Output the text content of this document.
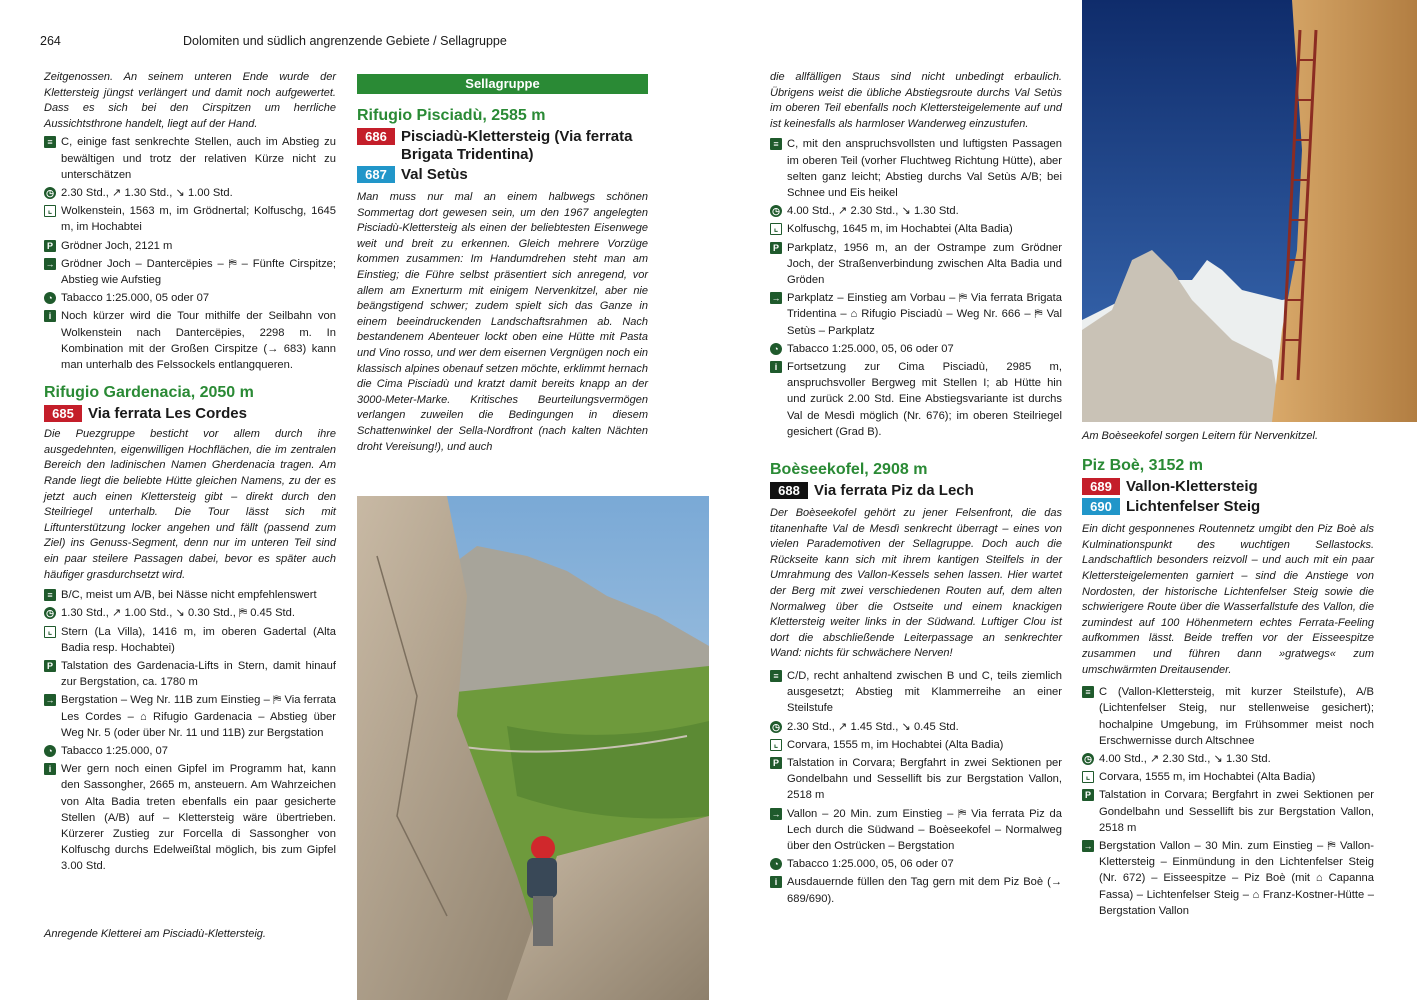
264	Dolomiten und südlich angrenzende Gebiete / Sellagruppe

Zeitgenossen. An seinem unteren Ende wurde der Klettersteig jüngst verlängert und damit noch aufgewertet. Dass es sich bei den Cirspitzen um herrliche Aussichtsthrone handelt, liegt auf der Hand.

≡ C, einige fast senkrechte Stellen, auch im Abstieg zu bewältigen und trotz der relativen Kürze nicht zu unterschätzen
◷ 2.30 Std., ↗ 1.30 Std., ↘ 1.00 Std.
⌞ Wolkenstein, 1563 m, im Grödnertal; Kolfuschg, 1645 m, im Hochabtei
P Grödner Joch, 2121 m
→ Grödner Joch – Dantercëpies – ⛿ – Fünfte Cirspitze; Abstieg wie Aufstieg
◔ Tabacco 1:25.000, 05 oder 07
i Noch kürzer wird die Tour mithilfe der Seilbahn von Wolkenstein nach Dantercëpies, 2298 m. In Kombination mit der Großen Cirspitze (→ 683) kann man unterhalb des Felssockels entlangqueren.
Rifugio Gardenacia, 2050 m
685 Via ferrata Les Cordes

Die Puezgruppe besticht vor allem durch ihre ausgedehnten, eigenwilligen Hochflächen, die im zentralen Bereich den ladinischen Namen Gherdenacia tragen. Am Rande liegt die beliebte Hütte gleichen Namens, zu der es jetzt auch einen Klettersteig gibt – direkt durch den Steilriegel unterhalb. Die Tour lässt sich mit Liftunterstützung locker angehen und fällt (passend zum Ziel) ins Genuss-Segment, denn nur im unteren Teil sind ein paar steilere Passagen dabei, bevor es später auch häufiger grasdurchsetzt wird.

≡ B/C, meist um A/B, bei Nässe nicht empfehlenswert
◷ 1.30 Std., ↗ 1.00 Std., ↘ 0.30 Std., ⛿ 0.45 Std.
⌞ Stern (La Villa), 1416 m, im oberen Gadertal (Alta Badia resp. Hochabtei)
P Talstation des Gardenacia-Lifts in Stern, damit hinauf zur Bergstation, ca. 1780 m
→ Bergstation – Weg Nr. 11B zum Einstieg – ⛿ Via ferrata Les Cordes – ⌂ Rifugio Gardenacia – Abstieg über Weg Nr. 5 (oder über Nr. 11 und 11B) zur Bergstation
◔ Tabacco 1:25.000, 07
i Wer gern noch einen Gipfel im Programm hat, kann den Sassongher, 2665 m, ansteuern. Am Wahrzeichen von Alta Badia treten ebenfalls ein paar gesicherte Stellen (A/B) auf – Klettersteig wäre übertrieben. Kürzerer Zustieg zur Forcella di Sassongher von Kolfuschg durchs Edelweißtal möglich, bis zum Gipfel 3.00 Std.
Anregende Kletterei am Pisciadù-Klettersteig.
Sellagruppe
Rifugio Pisciadù, 2585 m
686 Pisciadù-Klettersteig (Via ferrata Brigata Tridentina)
687 Val Setùs

Man muss nur mal an einem halbwegs schönen Sommertag dort gewesen sein, um den 1967 angelegten Pisciadù-Klettersteig als einen der beliebtesten Eisenwege weit und breit zu erkennen. Gleich mehrere Vorzüge kommen zusammen: Im Handumdrehen steht man am Einstieg; die Führe selbst präsentiert sich anregend, vor allem am Exnerturm mit einigem Nervenkitzel, aber nie beängstigend schwer; zudem spielt sich das Ganze in einem beeindruckenden Landschaftsrahmen ab. Nach bestandenem Abenteuer lockt oben eine Hütte mit Pasta und Vino rosso, und wer dem eisernen Vergnügen noch ein klassisch alpines obenauf setzen möchte, erklimmt hernach die Cima Pisciadù und kratzt damit bereits knapp an der 3000-Meter-Marke. Kritisches Beurteilungsvermögen verlangen zuweilen die Bedingungen in diesem Schattenwinkel der Sella-Nordfront (nach kalten Nächten droht Vereisung!), und auch

die allfälligen Staus sind nicht unbedingt erbaulich. Übrigens weist die übliche Abstiegsroute durchs Val Setùs im oberen Teil ebenfalls noch Klettersteigelemente auf und ist keinesfalls als harmloser Wanderweg einzustufen.

≡ C, mit den anspruchsvollsten und luftigsten Passagen im oberen Teil (vorher Fluchtweg Richtung Hütte), aber selten ganz leicht; Abstieg durchs Val Setùs A/B; bei Schnee und Eis heikel
◷ 4.00 Std., ↗ 2.30 Std., ↘ 1.30 Std.
⌞ Kolfuschg, 1645 m, im Hochabtei (Alta Badia)
P Parkplatz, 1956 m, an der Ostrampe zum Grödner Joch, der Straßenverbindung zwischen Alta Badia und Gröden
→ Parkplatz – Einstieg am Vorbau – ⛿ Via ferrata Brigata Tridentina – ⌂ Rifugio Pisciadù – Weg Nr. 666 – ⛿ Val Setùs – Parkplatz
◔ Tabacco 1:25.000, 05, 06 oder 07
i Fortsetzung zur Cima Pisciadù, 2985 m, anspruchsvoller Bergweg mit Stellen I; ab Hütte hin und zurück 2.00 Std. Eine Abstiegsvariante ist durchs Val de Mesdì möglich (Nr. 676); im oberen Steilriegel gesichert (Grad B).
Boèseekofel, 2908 m
688 Via ferrata Piz da Lech

Der Boèseekofel gehört zu jener Felsenfront, die das titanenhafte Val de Mesdì senkrecht überragt – eines von vielen Parademotiven der Sellagruppe. Doch auch die Rückseite kann sich mit ihrem kantigen Steilfels in der Umrahmung des Vallon-Kessels sehen lassen. Hier wartet der Berg mit zwei verschiedenen Routen auf, dem alten Normalweg über die Ostseite und einem knackigen Klettersteig weiter links in der Südwand. Luftiger Clou ist dort die abschließende Leiterpassage an senkrechter Wand: nichts für schwächere Nerven!

≡ C/D, recht anhaltend zwischen B und C, teils ziemlich ausgesetzt; Abstieg mit Klammerreihe an einer Steilstufe
◷ 2.30 Std., ↗ 1.45 Std., ↘ 0.45 Std.
⌞ Corvara, 1555 m, im Hochabtei (Alta Badia)
P Talstation in Corvara; Bergfahrt in zwei Sektionen per Gondelbahn und Sessellift bis zur Bergstation Vallon, 2518 m
→ Vallon – 20 Min. zum Einstieg – ⛿ Via ferrata Piz da Lech durch die Südwand – Boèseekofel – Normalweg über den Ostrücken – Bergstation
◔ Tabacco 1:25.000, 05, 06 oder 07
i Ausdauernde füllen den Tag gern mit dem Piz Boè (→ 689/690).
Am Boèseekofel sorgen Leitern für Nervenkitzel.
Piz Boè, 3152 m
689 Vallon-Klettersteig
690 Lichtenfelser Steig

Ein dicht gesponnenes Routennetz umgibt den Piz Boè als Kulminationspunkt des wuchtigen Sellastocks. Landschaftlich besonders reizvoll – und auch mit ein paar Klettersteigelementen garniert – sind die Anstiege von Nordosten, der historische Lichtenfelser Steig sowie die schwierigere Route über die Wasserfallstufe des Vallon, die zumindest auf 100 Höhenmetern echtes Ferrata-Feeling aufkommen lässt. Beide treffen vor der Eisseespitze zusammen und führen dann »gratwegs« zum umschwärmten Dreitausender.

≡ C (Vallon-Klettersteig, mit kurzer Steilstufe), A/B (Lichtenfelser Steig, nur stellenweise gesichert); hochalpine Umgebung, im Frühsommer meist noch Erschwernisse durch Altschnee
◷ 4.00 Std., ↗ 2.30 Std., ↘ 1.30 Std.
⌞ Corvara, 1555 m, im Hochabtei (Alta Badia)
P Talstation in Corvara; Bergfahrt in zwei Sektionen per Gondelbahn und Sessellift bis zur Bergstation Vallon, 2518 m
→ Bergstation Vallon – 30 Min. zum Einstieg – ⛿ Vallon-Klettersteig – Einmündung in den Lichtenfelser Steig (Nr. 672) – Eisseespitze – Piz Boè (mit ⌂ Capanna Fassa) – Lichtenfelser Steig – ⌂ Franz-Kostner-Hütte – Bergstation Vallon
